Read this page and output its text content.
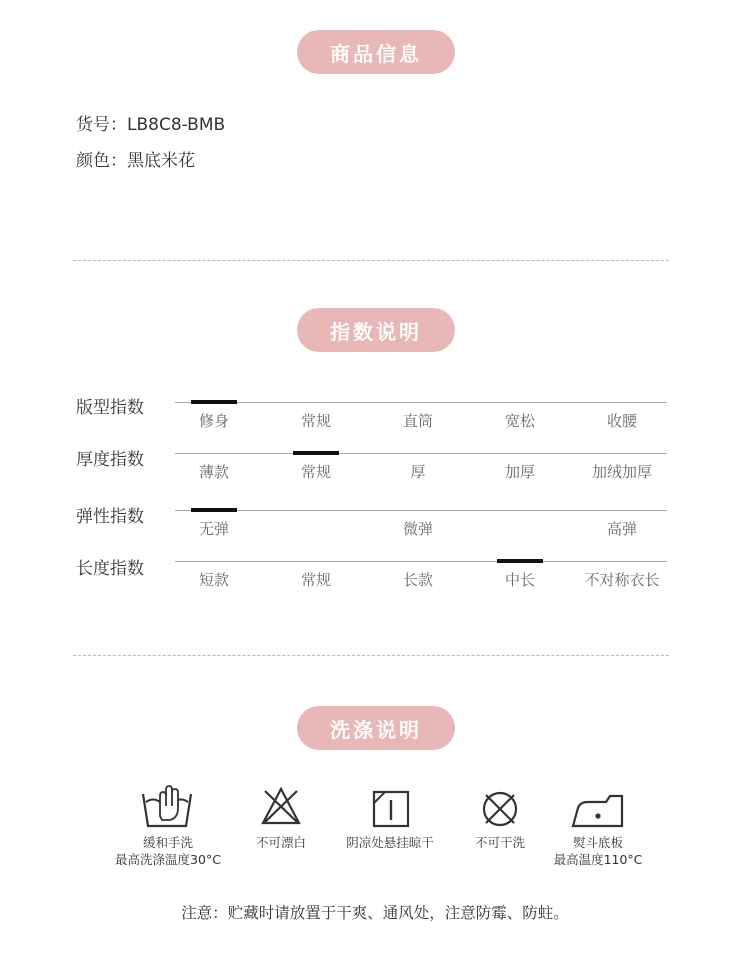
商品信息
货号：LB8C8-BMB
颜色：黑底米花
指数说明
版型指数
修身	常规	直筒	宽松	收腰
厚度指数
薄款	常规	厚	加厚	加绒加厚
弹性指数
无弹	微弹	高弹
长度指数
短款	常规	长款	中长	不对称衣长
洗涤说明
缓和手洗
最高洗涤温度30°C
不可漂白	阴凉处悬挂晾干	不可干洗	熨斗底板
最高温度110°C
注意：贮藏时请放置于干爽、通风处，注意防霉、防蛀。
